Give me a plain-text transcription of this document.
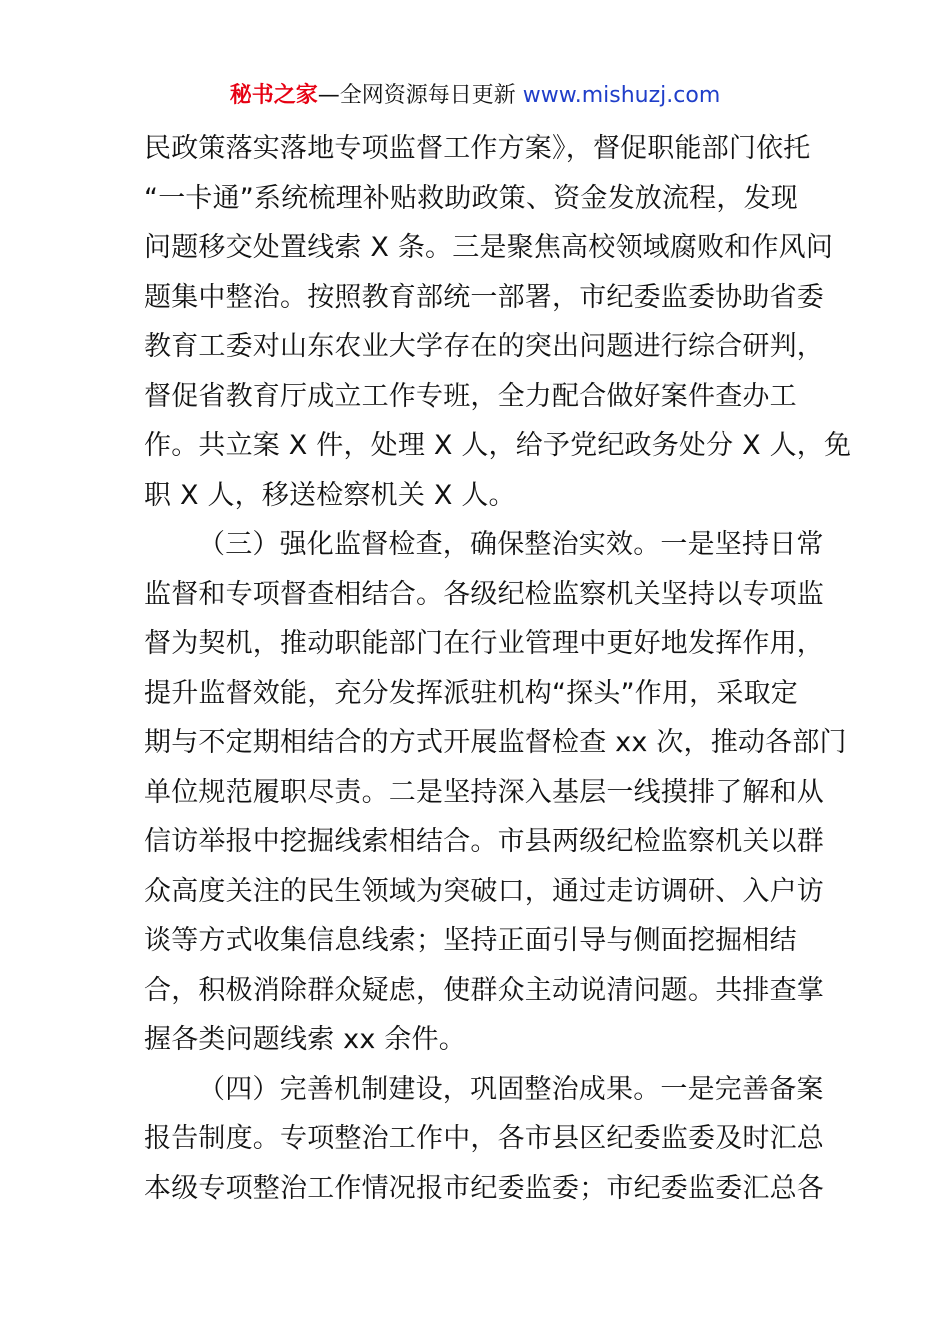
秘书之家—全网资源每日更新 www.mishuzj.com
民政策落实落地专项监督工作方案》，督促职能部门依托
“一卡通”系统梳理补贴救助政策、资金发放流程，发现
问题移交处置线索 X 条。三是聚焦高校领域腐败和作风问
题集中整治。按照教育部统一部署，市纪委监委协助省委
教育工委对山东农业大学存在的突出问题进行综合研判，
督促省教育厅成立工作专班，全力配合做好案件查办工
作。共立案 X 件，处理 X 人，给予党纪政务处分 X 人，免
职 X 人，移送检察机关 X 人。
（三）强化监督检查，确保整治实效。一是坚持日常
监督和专项督查相结合。各级纪检监察机关坚持以专项监
督为契机，推动职能部门在行业管理中更好地发挥作用，
提升监督效能，充分发挥派驻机构“探头”作用，采取定
期与不定期相结合的方式开展监督检查 xx 次，推动各部门
单位规范履职尽责。二是坚持深入基层一线摸排了解和从
信访举报中挖掘线索相结合。市县两级纪检监察机关以群
众高度关注的民生领域为突破口，通过走访调研、入户访
谈等方式收集信息线索；坚持正面引导与侧面挖掘相结
合，积极消除群众疑虑，使群众主动说清问题。共排查掌
握各类问题线索 xx 余件。
（四）完善机制建设，巩固整治成果。一是完善备案
报告制度。专项整治工作中，各市县区纪委监委及时汇总
本级专项整治工作情况报市纪委监委；市纪委监委汇总各
